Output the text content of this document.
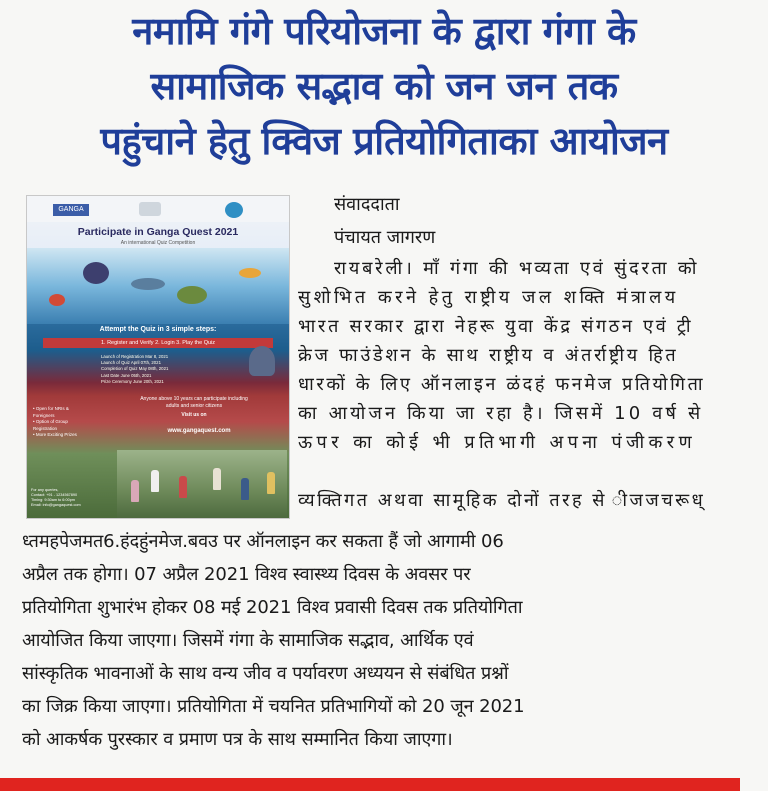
नमामि गंगे परियोजना के द्वारा गंगा के
सामाजिक सद्भाव को जन जन तक
पहुंचाने हेतु क्विज प्रतियोगिताका आयोजन
GANGA
Participate in Ganga Quest 2021
An international Quiz Competition
Attempt the Quiz in 3 simple steps:
1. Register and Verify 2. Login 3. Play the Quiz
Launch of Registration Mar 8, 2021
Launch of Quiz April 07th, 2021
Completion of Quiz May 08th, 2021
Last Date June 05th, 2021
Prize Ceremony June 20th, 2021
• Open for NRIs & Foreigners
• Option of Group Registration
• More Exciting Prizes
Anyone above 10 years can participate including adults and senior citizens
Visit us on
www.gangaquest.com
For any queries,
Contact: +91 - 1234567890
Timing: 9:30am to 6:00pm
Email: info@gangaquest.com
संवाददाता
पंचायत जागरण
रायबरेली। माँ गंगा की भव्यता एवं सुंदरता को
सुशोभित करने हेतु राष्ट्रीय जल शक्ति मंत्रालय
भारत सरकार द्वारा नेहरू युवा केंद्र संगठन एवं ट्री
क्रेज फाउंडेशन के साथ राष्ट्रीय व अंतर्राष्ट्रीय हित
धारकों के लिए ऑनलाइन ळंदहं फनमेज प्रतियोगिता
का आयोजन किया जा रहा है। जिसमें 10 वर्ष से
ऊपर का कोई भी प्रतिभागी अपना पंजीकरण
व्यक्तिगत अथवा सामूहिक दोनों तरह से ीजजचरूध्
ध्तमहपेजमत6.हंदहुंनमेज.बवउ पर ऑनलाइन कर सकता हैं जो आगामी 06
अप्रैल तक होगा। 07 अप्रैल 2021 विश्व स्वास्थ्य दिवस के अवसर पर
प्रतियोगिता शुभारंभ होकर 08 मई 2021 विश्व प्रवासी दिवस तक प्रतियोगिता
आयोजित किया जाएगा। जिसमें गंगा के सामाजिक सद्भाव, आर्थिक एवं
सांस्कृतिक भावनाओं के साथ वन्य जीव व पर्यावरण अध्ययन से संबंधित प्रश्नों
का जिक्र किया जाएगा। प्रतियोगिता में चयनित प्रतिभागियों को 20 जून 2021
को आकर्षक पुरस्कार व प्रमाण पत्र के साथ सम्मानित किया जाएगा।
